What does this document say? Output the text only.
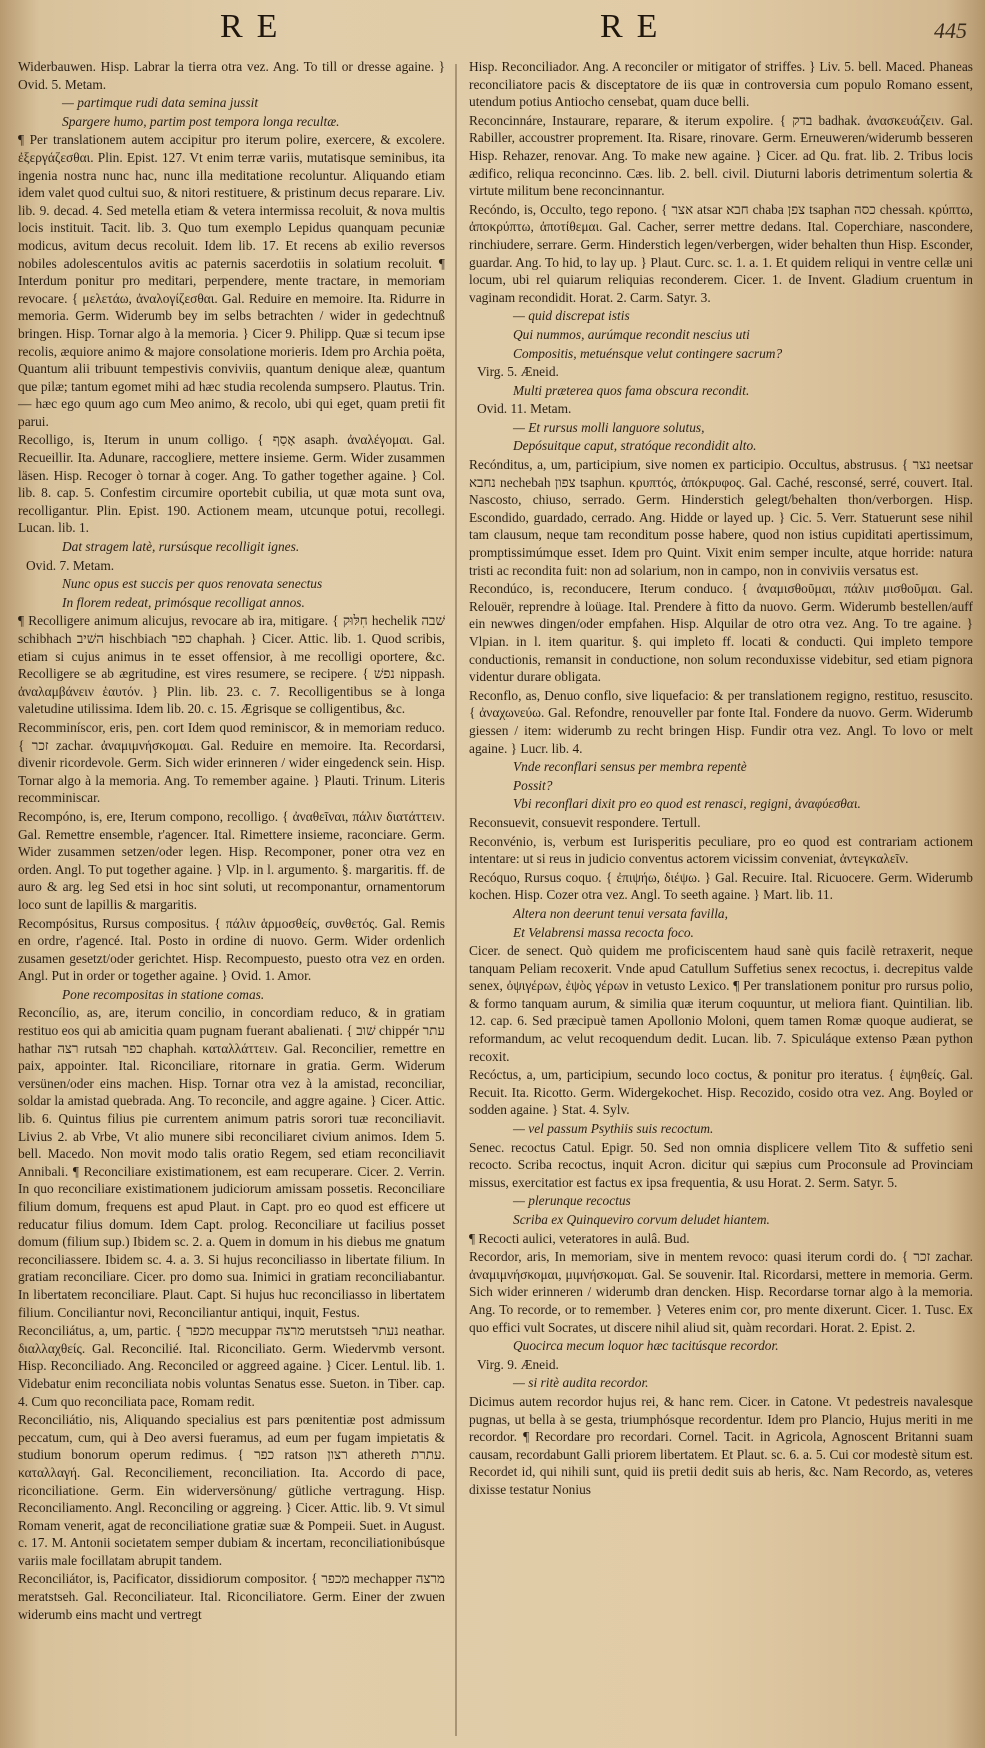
RE	RE	445

Widerbauwen. Hisp. Labrar la tierra otra vez. Ang. To till or dresse againe. } Ovid. 5. Metam.

— partimque rudi data semina jussit

Spargere humo, partim post tempora longa recultæ.

¶ Per translationem autem accipitur pro iterum polire, exercere, & excolere. ἐξεργάζεσθαι. Plin. Epist. 127. Vt enim terræ variis, mutatisque seminibus, ita ingenia nostra nunc hac, nunc illa meditatione recoluntur. Aliquando etiam idem valet quod cultui suo, & nitori restituere, & pristinum decus reparare. Liv. lib. 9. decad. 4. Sed metella etiam & vetera intermissa recoluit, & nova multis locis instituit. Tacit. lib. 3. Quo tum exemplo Lepidus quanquam pecuniæ modicus, avitum decus recoluit. Idem lib. 17. Et recens ab exilio reversos nobiles adolescentulos avitis ac paternis sacerdotiis in solatium recoluit. ¶ Interdum ponitur pro meditari, perpendere, mente tractare, in memoriam revocare. { μελετάω, ἀναλογίζεσθαι. Gal. Reduire en memoire. Ita. Ridurre in memoria. Germ. Widerumb bey im selbs betrachten / wider in gedechtnuß bringen. Hisp. Tornar algo à la memoria. } Cicer 9. Philipp. Quæ si tecum ipse recolis, æquiore animo & majore consolatione morieris. Idem pro Archia poëta, Quantum alii tribuunt tempestivis conviviis, quantum denique aleæ, quantum que pilæ; tantum egomet mihi ad hæc studia recolenda sumpsero. Plautus. Trin. — hæc ego quum ago cum Meo animo, & recolo, ubi qui eget, quam pretii fit parui.

Recolligo, is, Iterum in unum colligo. { אָסַף asaph. ἀναλέγομαι. Gal. Recueillir. Ita. Adunare, raccogliere, mettere insieme. Germ. Wider zusammen läsen. Hisp. Recoger ò tornar à coger. Ang. To gather together againe. } Col. lib. 8. cap. 5. Confestim circumire oportebit cubilia, ut quæ mota sunt ova, recolligantur. Plin. Epist. 190. Actionem meam, utcunque potui, recollegi. Lucan. lib. 1.

Dat stragem latè, rursúsque recolligit ignes.

Ovid. 7. Metam.

Nunc opus est succis per quos renovata senectus

In florem redeat, primósque recolligat annos.

¶ Recolligere animum alicujus, revocare ab ira, mitigare. { חִלּוּק hechelik שׁבה schibhach השׁיב hischbiach כפר chaphah. } Cicer. Attic. lib. 1. Quod scribis, etiam si cujus animus in te esset offensior, à me recolligi oportere, &c. Recolligere se ab ægritudine, est vires resumere, se recipere. { נפשׁ nippash. ἀναλαμβάνειν ἑαυτόν. } Plin. lib. 23. c. 7. Recolligentibus se à longa valetudine utilissima. Idem lib. 20. c. 15. Ægrisque se colligentibus, &c.

Recomminíscor, eris, pen. cort Idem quod reminiscor, & in memoriam reduco. { זכר zachar. ἀναμιμνήσκομαι. Gal. Reduire en memoire. Ita. Recordarsi, divenir ricordevole. Germ. Sich wider erinneren / wider eingedenck sein. Hisp. Tornar algo à la memoria. Ang. To remember againe. } Plauti. Trinum. Literis recomminiscar.

Recompóno, is, ere, Iterum compono, recolligo. { ἀναθεῖναι, πάλιν διατάττειν. Gal. Remettre ensemble, r'agencer. Ital. Rimettere insieme, raconciare. Germ. Wider zusammen setzen/oder legen. Hisp. Recomponer, poner otra vez en orden. Angl. To put together againe. } Vlp. in l. argumento. §. margaritis. ff. de auro & arg. leg Sed etsi in hoc sint soluti, ut recomponantur, ornamentorum loco sunt de lapillis & margaritis.

Recompósitus, Rursus compositus. { πάλιν ἁρμοσθείς, συνθετός. Gal. Remis en ordre, r'agencé. Ital. Posto in ordine di nuovo. Germ. Wider ordenlich zusamen gesetzt/oder gerichtet. Hisp. Recompuesto, puesto otra vez en orden. Angl. Put in order or together againe. } Ovid. 1. Amor.

Pone recompositas in statione comas.

Reconcílio, as, are, iterum concilio, in concordiam reduco, & in gratiam restituo eos qui ab amicitia quam pugnam fuerant abalienati. { שׁוב chippér עתר hathar רצה rutsah כפר chaphah. καταλλάττειν. Gal. Reconcilier, remettre en paix, appointer. Ital. Riconciliare, ritornare in gratia. Germ. Widerum versünen/oder eins machen. Hisp. Tornar otra vez à la amistad, reconciliar, soldar la amistad quebrada. Ang. To reconcile, and aggre againe. } Cicer. Attic. lib. 6. Quintus filius pie currentem animum patris sorori tuæ reconciliavit. Livius 2. ab Vrbe, Vt alio munere sibi reconciliaret civium animos. Idem 5. bell. Macedo. Non movit modo talis oratio Regem, sed etiam reconciliavit Annibali. ¶ Reconciliare existimationem, est eam recuperare. Cicer. 2. Verrin. In quo reconciliare existimationem judiciorum amissam possetis. Reconciliare filium domum, frequens est apud Plaut. in Capt. pro eo quod est efficere ut reducatur filius domum. Idem Capt. prolog. Reconciliare ut facilius posset domum (filium sup.) Ibidem sc. 2. a. Quem in domum in his diebus me gnatum reconciliassere. Ibidem sc. 4. a. 3. Si hujus reconciliasso in libertate filium. In gratiam reconciliare. Cicer. pro domo sua. Inimici in gratiam reconciliabantur. In libertatem reconciliare. Plaut. Capt. Si hujus huc reconciliasso in libertatem filium. Conciliantur novi, Reconciliantur antiqui, inquit, Festus.

Reconciliátus, a, um, partic. { מכפר mecuppar מרצה merutstseh נעתר neathar. διαλλαχθείς. Gal. Reconcilié. Ital. Riconciliato. Germ. Wiedervmb versont. Hisp. Reconciliado. Ang. Reconciled or aggreed againe. } Cicer. Lentul. lib. 1. Videbatur enim reconciliata nobis voluntas Senatus esse. Sueton. in Tiber. cap. 4. Cum quo reconciliata pace, Romam redit.

Reconciliátio, nis, Aliquando specialius est pars pœnitentiæ post admissum peccatum, cum, qui à Deo aversi fueramus, ad eum per fugam impietatis & studium bonorum operum redimus. { כפר ratson רצון athereth עתרת. καταλλαγή. Gal. Reconciliement, reconciliation. Ita. Accordo di pace, riconciliatione. Germ. Ein widerversönung/ gütliche vertragung. Hisp. Reconciliamento. Angl. Reconciling or aggreing. } Cicer. Attic. lib. 9. Vt simul Romam venerit, agat de reconciliatione gratiæ suæ & Pompeii. Suet. in August. c. 17. M. Antonii societatem semper dubiam & incertam, reconciliationibúsque variis male focillatam abrupit tandem.

Reconciliátor, is, Pacificator, dissidiorum compositor. { מכפר mechapper מרצה meratstseh. Gal. Reconciliateur. Ital. Riconciliatore. Germ. Einer der zwuen widerumb eins macht und vertregt

Hisp. Reconciliador. Ang. A reconciler or mitigator of striffes. } Liv. 5. bell. Maced. Phaneas reconciliatore pacis & disceptatore de iis quæ in controversia cum populo Romano essent, utendum potius Antiocho censebat, quam duce belli.

Reconcinnáre, Instaurare, reparare, & iterum expolire. { בדק badhak. ἀνασκευάζειν. Gal. Rabiller, accoustrer proprement. Ita. Risare, rinovare. Germ. Erneuweren/widerumb besseren Hisp. Rehazer, renovar. Ang. To make new againe. } Cicer. ad Qu. frat. lib. 2. Tribus locis ædifico, reliqua reconcinno. Cæs. lib. 2. bell. civil. Diuturni laboris detrimentum solertia & virtute militum bene reconcinnantur.

Recóndo, is, Occulto, tego repono. { אצר atsar חבא chaba צפן tsaphan כסה chessah. κρύπτω, ἀποκρύπτω, ἀποτίθεμαι. Gal. Cacher, serrer mettre dedans. Ital. Coperchiare, nascondere, rinchiudere, serrare. Germ. Hinderstich legen/verbergen, wider behalten thun Hisp. Esconder, guardar. Ang. To hid, to lay up. } Plaut. Curc. sc. 1. a. 1. Et quidem reliqui in ventre cellæ uni locum, ubi rel quiarum reliquias reconderem. Cicer. 1. de Invent. Gladium cruentum in vaginam recondidit. Horat. 2. Carm. Satyr. 3.

— quid discrepat istis

Qui nummos, aurúmque recondit nescius uti

Compositis, metuénsque velut contingere sacrum?

Virg. 5. Æneid.

Multi præterea quos fama obscura recondit.

Ovid. 11. Metam.

— Et rursus molli languore solutus,

Depósuitque caput, stratóque recondidit alto.

Recónditus, a, um, participium, sive nomen ex participio. Occultus, abstrusus. { נצר neetsar נחבא nechebah צפון tsaphun. κρυπτός, ἀπόκρυφος. Gal. Caché, resconsé, serré, couvert. Ital. Nascosto, chiuso, serrado. Germ. Hinderstich gelegt/behalten thon/verborgen. Hisp. Escondido, guardado, cerrado. Ang. Hidde or layed up. } Cic. 5. Verr. Statuerunt sese nihil tam clausum, neque tam reconditum posse habere, quod non istius cupiditati apertissimum, promptissimúmque esset. Idem pro Quint. Vixit enim semper inculte, atque horride: natura tristi ac recondita fuit: non ad solarium, non in campo, non in conviviis versatus est.

Recondúco, is, reconducere, Iterum conduco. { ἀναμισθοῦμαι, πάλιν μισθοῦμαι. Gal. Relouër, reprendre à loüage. Ital. Prendere à fitto da nuovo. Germ. Widerumb bestellen/auff ein newwes dingen/oder empfahen. Hisp. Alquilar de otro otra vez. Ang. To tre againe. } Vlpian. in l. item quaritur. §. qui impleto ff. locati & conducti. Qui impleto tempore conductionis, remansit in conductione, non solum reconduxisse videbitur, sed etiam pignora videntur durare obligata.

Reconflo, as, Denuo conflo, sive liquefacio: & per translationem regigno, restituo, resuscito. { ἀναχωνεύω. Gal. Refondre, renouveller par fonte Ital. Fondere da nuovo. Germ. Widerumb giessen / item: widerumb zu recht bringen Hisp. Fundir otra vez. Angl. To lovo or melt againe. } Lucr. lib. 4.

Vnde reconflari sensus per membra repentè

Possit?

Vbi reconflari dixit pro eo quod est renasci, regigni, ἀναφύεσθαι.

Reconsuevit, consuevit respondere. Tertull.

Reconvénio, is, verbum est Iurisperitis peculiare, pro eo quod est contrariam actionem intentare: ut si reus in judicio conventus actorem vicissim conveniat, ἀντεγκαλεῖν.

Recóquo, Rursus coquo. { ἐπιψήω, διέψω. } Gal. Recuire. Ital. Ricuocere. Germ. Widerumb kochen. Hisp. Cozer otra vez. Angl. To seeth againe. } Mart. lib. 11.

Altera non deerunt tenui versata favilla,

Et Velabrensi massa recocta foco.

Cicer. de senect. Quò quidem me proficiscentem haud sanè quis facilè retraxerit, neque tanquam Peliam recoxerit. Vnde apud Catullum Suffetius senex recoctus, i. decrepitus valde senex, ὀψιγέρων, ἐψὸς γέρων in vetusto Lexico. ¶ Per translationem ponitur pro rursus polio, & formo tanquam aurum, & similia quæ iterum coquuntur, ut meliora fiant. Quintilian. lib. 12. cap. 6. Sed præcipuè tamen Apollonio Moloni, quem tamen Romæ quoque audierat, se reformandum, ac velut recoquendum dedit. Lucan. lib. 7. Spiculáque extenso Pæan python recoxit.

Recóctus, a, um, participium, secundo loco coctus, & ponitur pro iteratus. { ἑψηθείς. Gal. Recuit. Ita. Ricotto. Germ. Widergekochet. Hisp. Recozido, cosido otra vez. Ang. Boyled or sodden againe. } Stat. 4. Sylv.

— vel passum Psythiis suis recoctum.

Senec. recoctus Catul. Epigr. 50. Sed non omnia displicere vellem Tito & suffetio seni recocto. Scriba recoctus, inquit Acron. dicitur qui sæpius cum Proconsule ad Provinciam missus, exercitatior est factus ex ipsa frequentia, & usu Horat. 2. Serm. Satyr. 5.

— plerunque recoctus

Scriba ex Quinqueviro corvum deludet hiantem.

¶ Recocti aulici, veteratores in aulâ. Bud.

Recordor, aris, In memoriam, sive in mentem revoco: quasi iterum cordi do. { זכר zachar. ἀναμιμνήσκομαι, μιμνήσκομαι. Gal. Se souvenir. Ital. Ricordarsi, mettere in memoria. Germ. Sich wider erinneren / widerumb dran dencken. Hisp. Recordarse tornar algo à la memoria. Ang. To recorde, or to remember. } Veteres enim cor, pro mente dixerunt. Cicer. 1. Tusc. Ex quo effici vult Socrates, ut discere nihil aliud sit, quàm recordari. Horat. 2. Epist. 2.

Quocirca mecum loquor hæc tacitúsque recordor.

Virg. 9. Æneid.

— si ritè audita recordor.

Dicimus autem recordor hujus rei, & hanc rem. Cicer. in Catone. Vt pedestreis navalesque pugnas, ut bella à se gesta, triumphósque recordentur. Idem pro Plancio, Hujus meriti in me recordor. ¶ Recordare pro recordari. Cornel. Tacit. in Agricola, Agnoscent Britanni suam causam, recordabunt Galli priorem libertatem. Et Plaut. sc. 6. a. 5. Cui cor modestè situm est. Recordet id, qui nihili sunt, quid iis pretii dedit suis ab heris, &c. Nam Recordo, as, veteres dixisse testatur Nonius
